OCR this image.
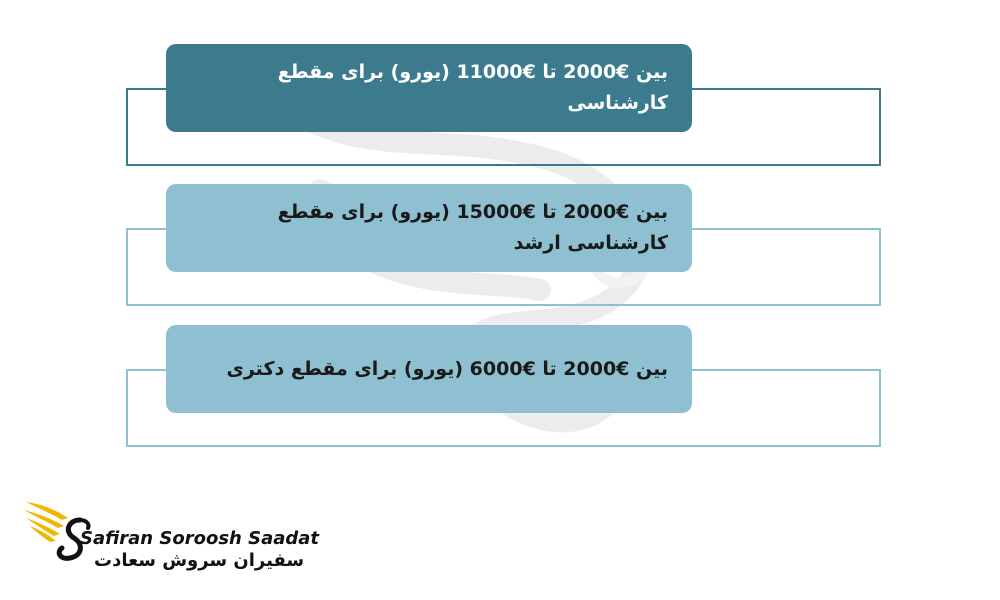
بین €2000 تا €11000 (یورو) برای مقطع کارشناسی
بین €2000 تا €15000 (یورو) برای مقطع کارشناسی ارشد
بین €2000 تا €6000 (یورو) برای مقطع دکتری
Safiran Soroosh Saadat
سفیران سروش سعادت
